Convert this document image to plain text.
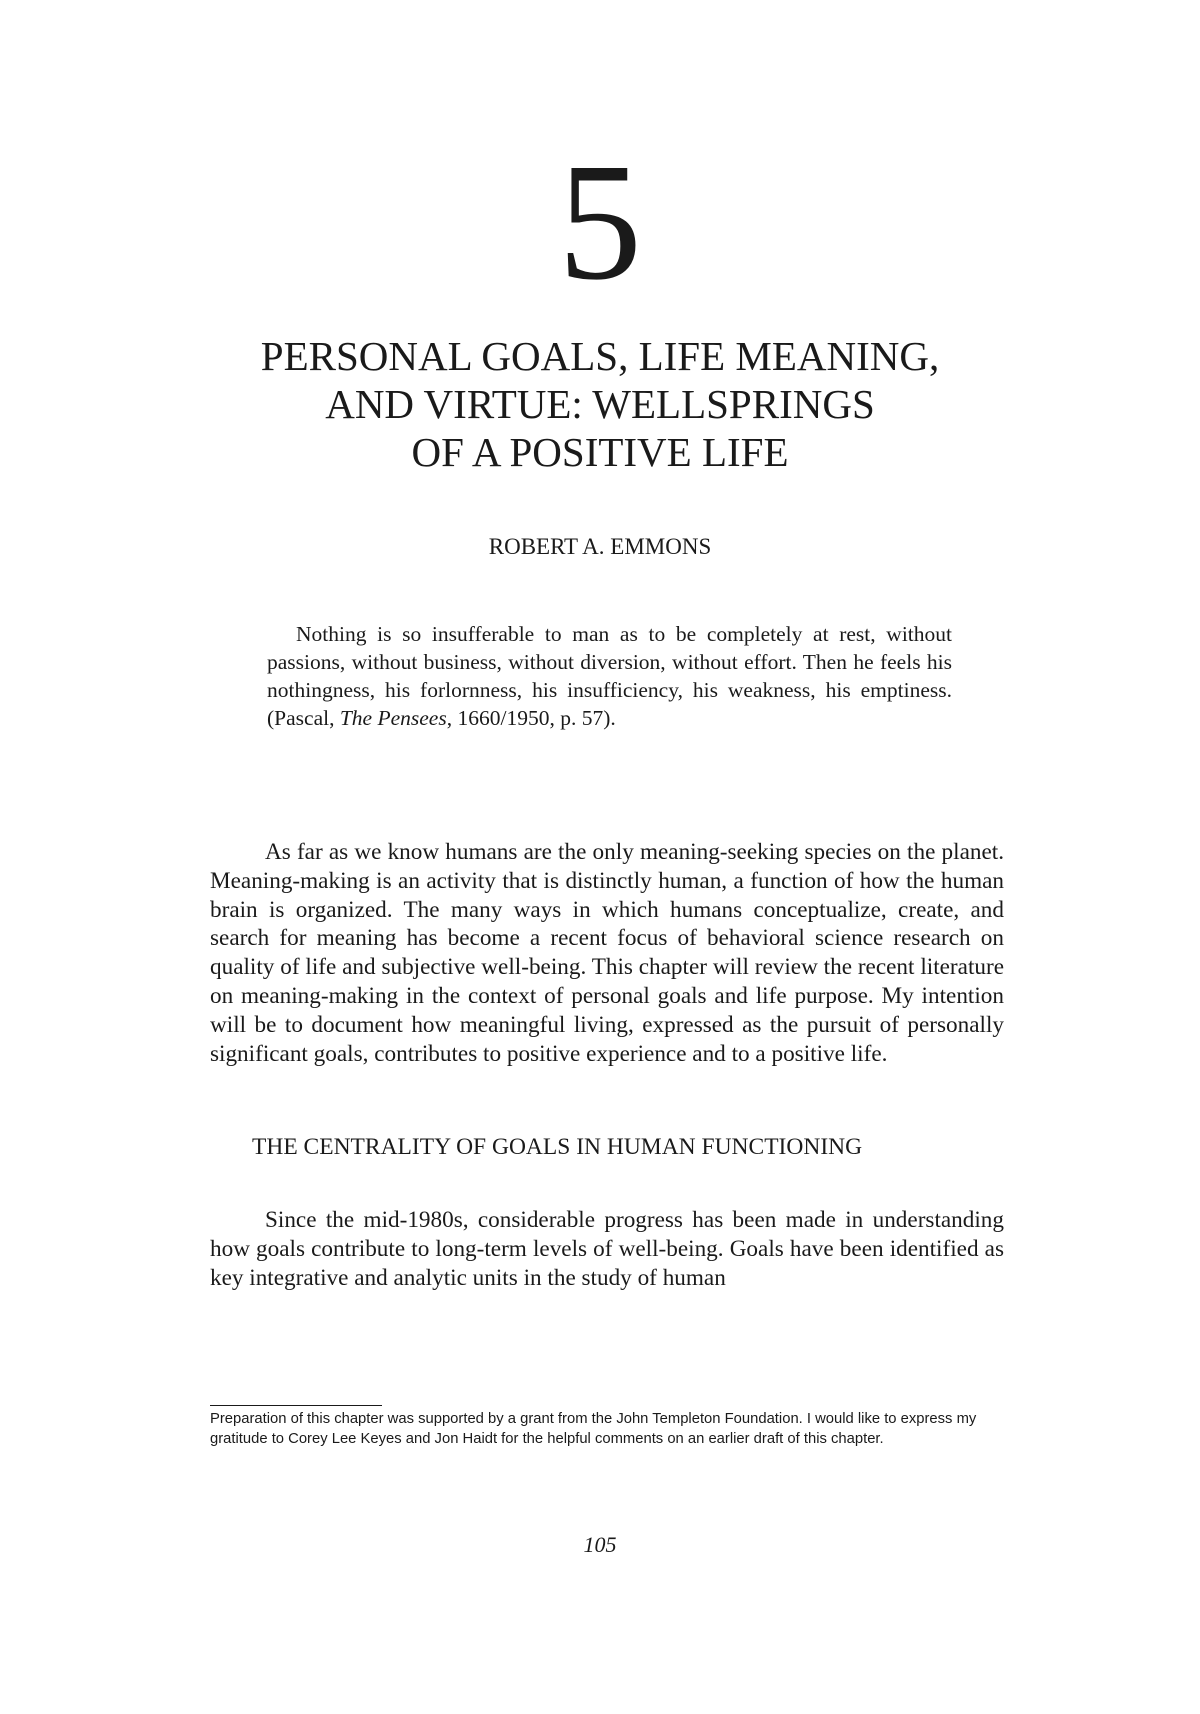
5
PERSONAL GOALS, LIFE MEANING,
AND VIRTUE: WELLSPRINGS
OF A POSITIVE LIFE
ROBERT A. EMMONS

Nothing is so insufferable to man as to be completely at rest, without passions, without business, without diversion, without effort. Then he feels his nothingness, his forlornness, his insufficiency, his weakness, his emptiness. (Pascal, The Pensees, 1660/1950, p. 57).

As far as we know humans are the only meaning-seeking species on the planet. Meaning-making is an activity that is distinctly human, a function of how the human brain is organized. The many ways in which humans conceptualize, create, and search for meaning has become a recent focus of behavioral science research on quality of life and subjective well-being. This chapter will review the recent literature on meaning-making in the context of personal goals and life purpose. My intention will be to document how meaningful living, expressed as the pursuit of personally significant goals, contributes to positive experience and to a positive life.

THE CENTRALITY OF GOALS IN HUMAN FUNCTIONING

Since the mid-1980s, considerable progress has been made in understanding how goals contribute to long-term levels of well-being. Goals have been identified as key integrative and analytic units in the study of human

Preparation of this chapter was supported by a grant from the John Templeton Foundation. I would like to express my gratitude to Corey Lee Keyes and Jon Haidt for the helpful comments on an earlier draft of this chapter.

105
